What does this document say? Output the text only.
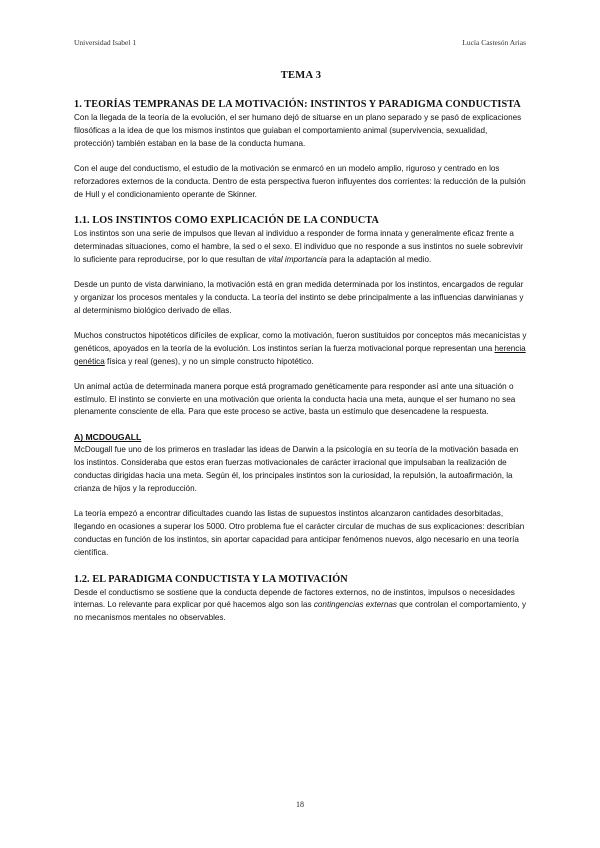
Universidad Isabel 1	Lucía Castesón Arias
TEMA 3
1. TEORÍAS TEMPRANAS DE LA MOTIVACIÓN: INSTINTOS Y PARADIGMA CONDUCTISTA

Con la llegada de la teoría de la evolución, el ser humano dejó de situarse en un plano separado y se pasó de explicaciones filosóficas a la idea de que los mismos instintos que guiaban el comportamiento animal (supervivencia, sexualidad, protección) también estaban en la base de la conducta humana.

Con el auge del conductismo, el estudio de la motivación se enmarcó en un modelo amplio, riguroso y centrado en los reforzadores externos de la conducta. Dentro de esta perspectiva fueron influyentes dos corrientes: la reducción de la pulsión de Hull y el condicionamiento operante de Skinner.

1.1. LOS INSTINTOS COMO EXPLICACIÓN DE LA CONDUCTA

Los instintos son una serie de impulsos que llevan al individuo a responder de forma innata y generalmente eficaz frente a determinadas situaciones, como el hambre, la sed o el sexo. El individuo que no responde a sus instintos no suele sobrevivir lo suficiente para reproducirse, por lo que resultan de vital importancia para la adaptación al medio.

Desde un punto de vista darwiniano, la motivación está en gran medida determinada por los instintos, encargados de regular y organizar los procesos mentales y la conducta. La teoría del instinto se debe principalmente a las influencias darwinianas y al determinismo biológico derivado de ellas.

Muchos constructos hipotéticos difíciles de explicar, como la motivación, fueron sustituidos por conceptos más mecanicistas y genéticos, apoyados en la teoría de la evolución. Los instintos serían la fuerza motivacional porque representan una herencia genética física y real (genes), y no un simple constructo hipotético.

Un animal actúa de determinada manera porque está programado genéticamente para responder así ante una situación o estímulo. El instinto se convierte en una motivación que orienta la conducta hacia una meta, aunque el ser humano no sea plenamente consciente de ella. Para que este proceso se active, basta un estímulo que desencadene la respuesta.

A) MCDOUGALL

McDougall fue uno de los primeros en trasladar las ideas de Darwin a la psicología en su teoría de la motivación basada en los instintos. Consideraba que estos eran fuerzas motivacionales de carácter irracional que impulsaban la realización de conductas dirigidas hacia una meta. Según él, los principales instintos son la curiosidad, la repulsión, la autoafirmación, la crianza de hijos y la reproducción.

La teoría empezó a encontrar dificultades cuando las listas de supuestos instintos alcanzaron cantidades desorbitadas, llegando en ocasiones a superar los 5000. Otro problema fue el carácter circular de muchas de sus explicaciones: describían conductas en función de los instintos, sin aportar capacidad para anticipar fenómenos nuevos, algo necesario en una teoría científica.

1.2. EL PARADIGMA CONDUCTISTA Y LA MOTIVACIÓN

Desde el conductismo se sostiene que la conducta depende de factores externos, no de instintos, impulsos o necesidades internas. Lo relevante para explicar por qué hacemos algo son las contingencias externas que controlan el comportamiento, y no mecanismos mentales no observables.

18
